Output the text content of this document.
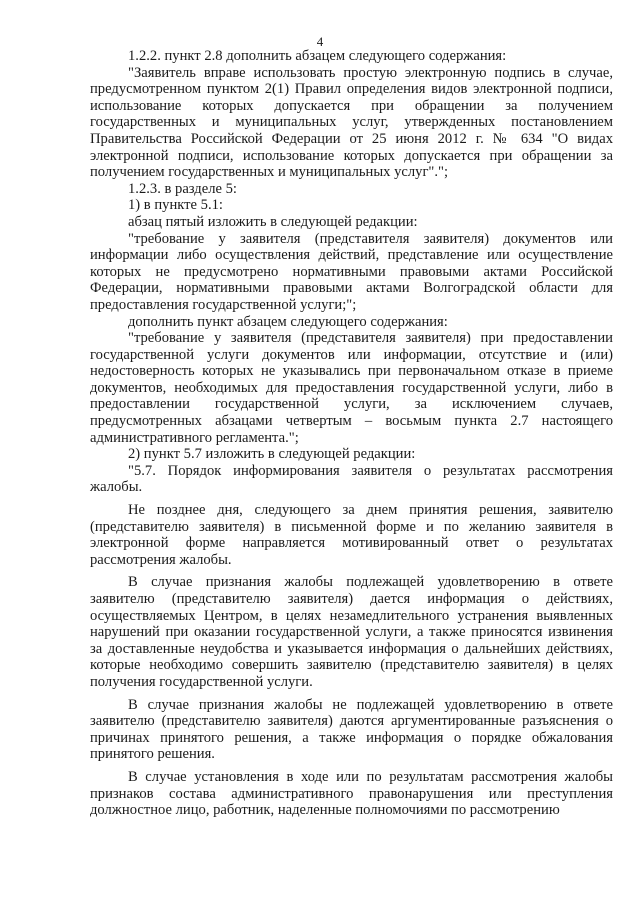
4

1.2.2. пункт 2.8 дополнить абзацем следующего содержания:

"Заявитель вправе использовать простую электронную подпись в случае, предусмотренном пунктом 2(1) Правил определения видов электронной подписи, использование которых допускается при обращении за получением государственных и муниципальных услуг, утвержденных постановлением Правительства Российской Федерации от 25 июня 2012 г. № 634 "О видах электронной подписи, использование которых допускается при обращении за получением государственных и муниципальных услуг".";

1.2.3. в разделе 5:

1) в пункте 5.1:

абзац пятый изложить в следующей редакции:

"требование у заявителя (представителя заявителя) документов или информации либо осуществления действий, представление или осуществление которых не предусмотрено нормативными правовыми актами Российской Федерации, нормативными правовыми актами Волгоградской области для предоставления государственной услуги;";

дополнить пункт абзацем следующего содержания:

"требование у заявителя (представителя заявителя) при предоставлении государственной услуги документов или информации, отсутствие и (или) недостоверность которых не указывались при первоначальном отказе в приеме документов, необходимых для предоставления государственной услуги, либо в предоставлении государственной услуги, за исключением случаев, предусмотренных абзацами четвертым – восьмым пункта 2.7 настоящего административного регламента.";

2) пункт 5.7 изложить в следующей редакции:

"5.7. Порядок информирования заявителя о результатах рассмотрения жалобы.

Не позднее дня, следующего за днем принятия решения, заявителю (представителю заявителя) в письменной форме и по желанию заявителя в электронной форме направляется мотивированный ответ о результатах рассмотрения жалобы.

В случае признания жалобы подлежащей удовлетворению в ответе заявителю (представителю заявителя) дается информация о действиях, осуществляемых Центром, в целях незамедлительного устранения выявленных нарушений при оказании государственной услуги, а также приносятся извинения за доставленные неудобства и указывается информация о дальнейших действиях, которые необходимо совершить заявителю (представителю заявителя) в целях получения государственной услуги.

В случае признания жалобы не подлежащей удовлетворению в ответе заявителю (представителю заявителя) даются аргументированные разъяснения о причинах принятого решения, а также информация о порядке обжалования принятого решения.

В случае установления в ходе или по результатам рассмотрения жалобы признаков состава административного правонарушения или преступления должностное лицо, работник, наделенные полномочиями по рассмотрению
